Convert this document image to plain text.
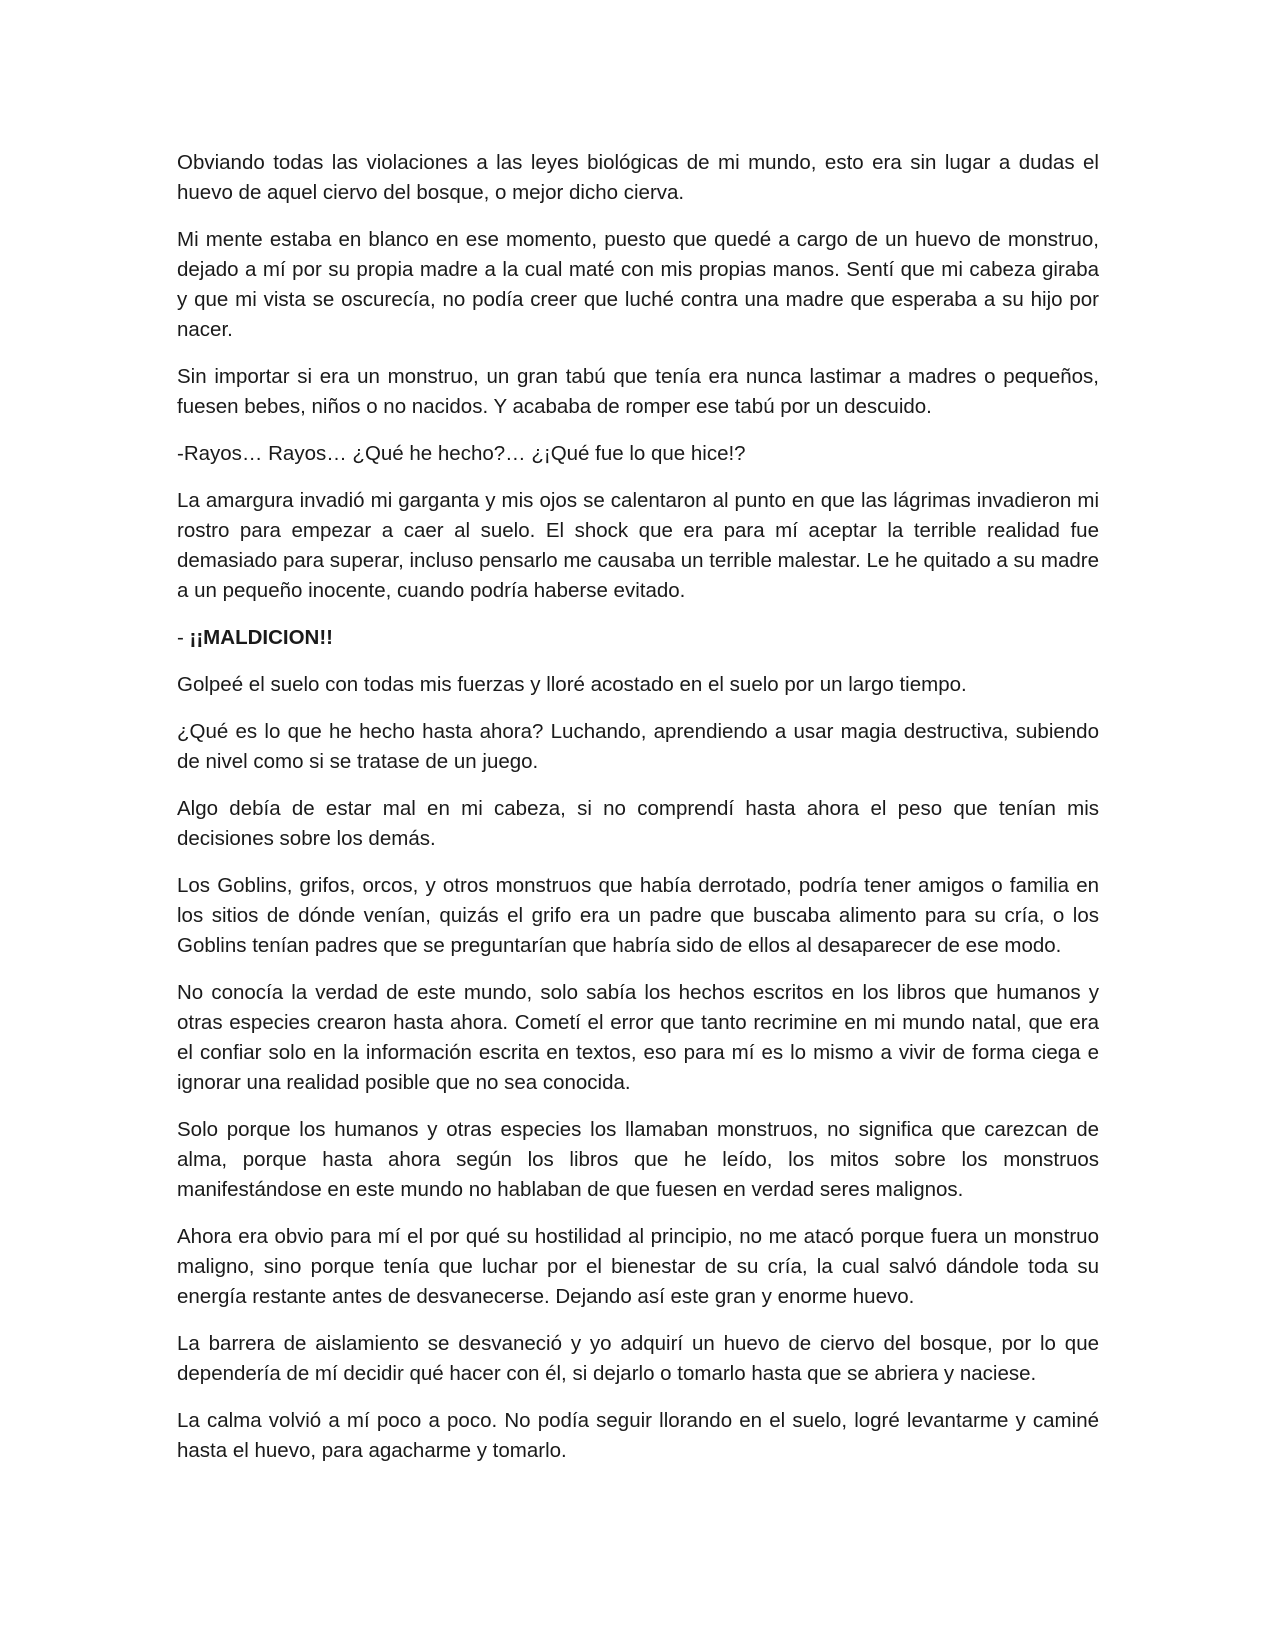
Obviando todas las violaciones a las leyes biológicas de mi mundo, esto era sin lugar a dudas el huevo de aquel ciervo del bosque, o mejor dicho cierva.

Mi mente estaba en blanco en ese momento, puesto que quedé a cargo de un huevo de monstruo, dejado a mí por su propia madre a la cual maté con mis propias manos. Sentí que mi cabeza giraba y que mi vista se oscurecía, no podía creer que luché contra una madre que esperaba a su hijo por nacer.

Sin importar si era un monstruo, un gran tabú que tenía era nunca lastimar a madres o pequeños, fuesen bebes, niños o no nacidos. Y acababa de romper ese tabú por un descuido.

-Rayos… Rayos… ¿Qué he hecho?… ¿¡Qué fue lo que hice!?

La amargura invadió mi garganta y mis ojos se calentaron al punto en que las lágrimas invadieron mi rostro para empezar a caer al suelo. El shock que era para mí aceptar la terrible realidad fue demasiado para superar, incluso pensarlo me causaba un terrible malestar. Le he quitado a su madre a un pequeño inocente, cuando podría haberse evitado.

- ¡¡MALDICION!!

Golpeé el suelo con todas mis fuerzas y lloré acostado en el suelo por un largo tiempo.

¿Qué es lo que he hecho hasta ahora? Luchando, aprendiendo a usar magia destructiva, subiendo de nivel como si se tratase de un juego.

Algo debía de estar mal en mi cabeza, si no comprendí hasta ahora el peso que tenían mis decisiones sobre los demás.

Los Goblins, grifos, orcos, y otros monstruos que había derrotado, podría tener amigos o familia en los sitios de dónde venían, quizás el grifo era un padre que buscaba alimento para su cría, o los Goblins tenían padres que se preguntarían que habría sido de ellos al desaparecer de ese modo.

No conocía la verdad de este mundo, solo sabía los hechos escritos en los libros que humanos y otras especies crearon hasta ahora. Cometí el error que tanto recrimine en mi mundo natal, que era el confiar solo en la información escrita en textos, eso para mí es lo mismo a vivir de forma ciega e ignorar una realidad posible que no sea conocida.

Solo porque los humanos y otras especies los llamaban monstruos, no significa que carezcan de alma, porque hasta ahora según los libros que he leído, los mitos sobre los monstruos manifestándose en este mundo no hablaban de que fuesen en verdad seres malignos.

Ahora era obvio para mí el por qué su hostilidad al principio, no me atacó porque fuera un monstruo maligno, sino porque tenía que luchar por el bienestar de su cría, la cual salvó dándole toda su energía restante antes de desvanecerse. Dejando así este gran y enorme huevo.

La barrera de aislamiento se desvaneció y yo adquirí un huevo de ciervo del bosque, por lo que dependería de mí decidir qué hacer con él, si dejarlo o tomarlo hasta que se abriera y naciese.

La calma volvió a mí poco a poco. No podía seguir llorando en el suelo, logré levantarme y caminé hasta el huevo, para agacharme y tomarlo.
